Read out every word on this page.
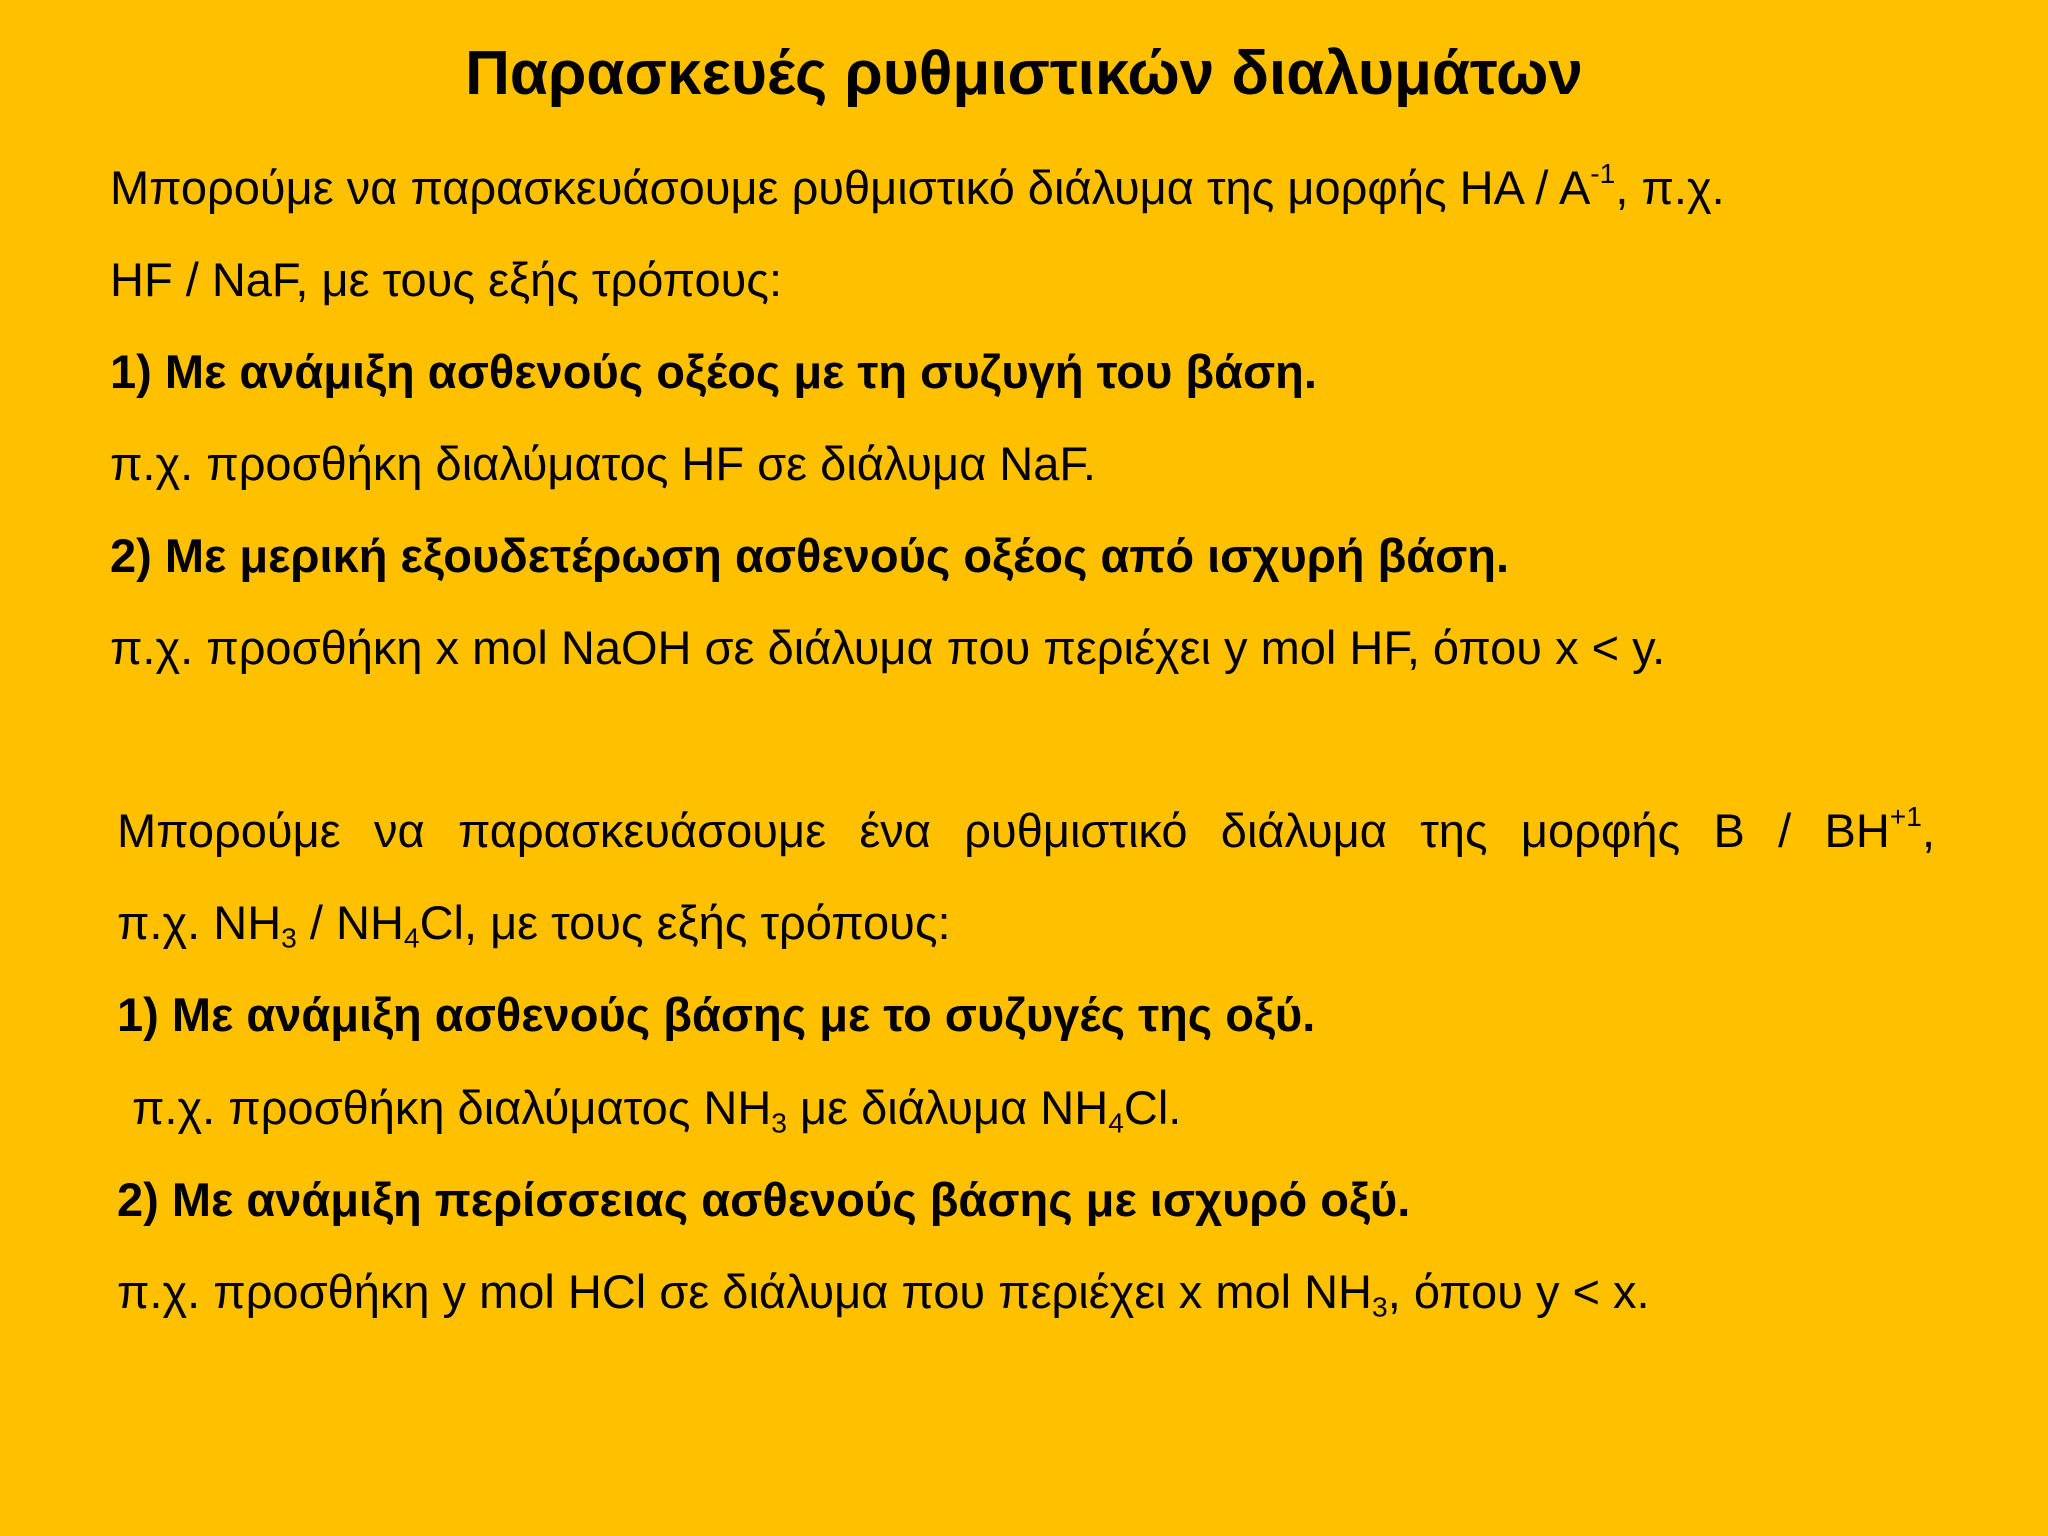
Παρασκευές ρυθμιστικών διαλυμάτων
Μπορούμε να παρασκευάσουμε ρυθμιστικό διάλυμα της μορφής HA / $A^{-1}$, π.χ.
HF / NaF, με τους εξής τρόπους:
1) Με ανάμιξη ασθενούς οξέος με τη συζυγή του βάση.
π.χ. προσθήκη διαλύματος HF σε διάλυμα NaF.
2) Με μερική εξουδετέρωση ασθενούς οξέος από ισχυρή βάση.
π.χ. προσθήκη x mol NaOH σε διάλυμα που περιέχει y mol HF, όπου x < y.
Μπορούμε να παρασκευάσουμε ένα ρυθμιστικό διάλυμα της μορφής B / $BH^{+1}$,
π.χ. $NH_3 / NH_4Cl$, με τους εξής τρόπους:
1) Με ανάμιξη ασθενούς βάσης με το συζυγές της οξύ.
π.χ. προσθήκη διαλύματος $NH_3$ με διάλυμα $NH_4Cl$.
2) Με ανάμιξη περίσσειας ασθενούς βάσης με ισχυρό οξύ.
π.χ. προσθήκη y mol HCl σε διάλυμα που περιέχει x mol $NH_3$, όπου y < x.
